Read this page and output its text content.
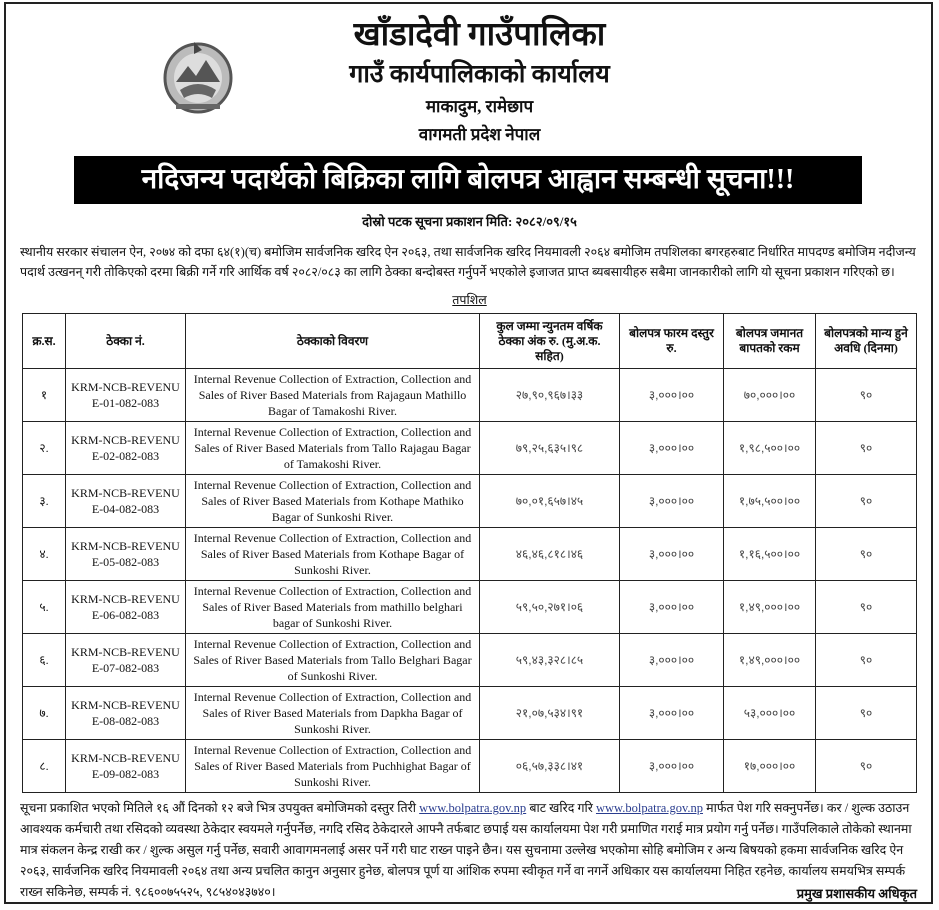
खाँडादेवी गाउँपालिका
गाउँ कार्यपालिकाको कार्यालय
माकादुम, रामेछाप
वागमती प्रदेश नेपाल
नदिजन्य पदार्थको बिक्रिका लागि बोलपत्र आह्वान सम्बन्धी सूचना!!!
दोस्रो पटक सूचना प्रकाशन मिति: २०८२/०९/१५
स्थानीय सरकार संचालन ऐन, २०७४ को दफा ६४(१)(च) बमोजिम सार्वजनिक खरिद ऐन २०६३, तथा सार्वजनिक खरिद नियमावली २०६४ बमोजिम तपशिलका बगरहरुबाट निर्धारित मापदण्ड बमोजिम नदीजन्य पदार्थ उत्खनन् गरी तोकिएको दरमा बिक्री गर्ने गरि आर्थिक वर्ष २०८२/०८३ का लागि ठेक्का बन्दोबस्त गर्नुपर्ने भएकोले इजाजत प्राप्त ब्यबसायीहरु सबैमा जानकारीको लागि यो सूचना प्रकाशन गरिएको छ।
तपशिल
क्र.स.	ठेक्का नं.	ठेक्काको विवरण	कुल जम्मा न्युनतम वर्षिक ठेक्का अंक रु. (मु.अ.क. सहित)	बोलपत्र फारम दस्तुर रु.	बोलपत्र जमानत बापतको रकम	बोलपत्रको मान्य हुने अवधि (दिनमा)
१	KRM-NCB-REVENUE-01-082-083	Internal Revenue Collection of Extraction, Collection and Sales of River Based Materials from Rajagaun Mathillo Bagar of Tamakoshi River.	२७,९०,९६७।३३	३,०००।००	७०,०००।००	९०
२.	KRM-NCB-REVENUE-02-082-083	Internal Revenue Collection of Extraction, Collection and Sales of River Based Materials from Tallo Rajagau Bagar of Tamakoshi River.	७९,२५,६३५।९८	३,०००।००	१,९८,५००।००	९०
३.	KRM-NCB-REVENUE-04-082-083	Internal Revenue Collection of Extraction, Collection and Sales of River Based Materials from Kothape Mathiko Bagar of Sunkoshi River.	७०,०१,६५७।४५	३,०००।००	१,७५,५००।००	९०
४.	KRM-NCB-REVENUE-05-082-083	Internal Revenue Collection of Extraction, Collection and Sales of River Based Materials from Kothape Bagar of Sunkoshi River.	४६,४६,८१८।४६	३,०००।००	१,१६,५००।००	९०
५.	KRM-NCB-REVENUE-06-082-083	Internal Revenue Collection of Extraction, Collection and Sales of River Based Materials from mathillo belghari bagar of Sunkoshi River.	५९,५०,२७१।०६	३,०००।००	१,४९,०००।००	९०
६.	KRM-NCB-REVENUE-07-082-083	Internal Revenue Collection of Extraction, Collection and Sales of River Based Materials from Tallo Belghari Bagar of Sunkoshi River.	५९,४३,३२८।८५	३,०००।००	१,४९,०००।००	९०
७.	KRM-NCB-REVENUE-08-082-083	Internal Revenue Collection of Extraction, Collection and Sales of River Based Materials from Dapkha Bagar of Sunkoshi River.	२१,०७,५३४।९१	३,०००।००	५३,०००।००	९०
८.	KRM-NCB-REVENUE-09-082-083	Internal Revenue Collection of Extraction, Collection and Sales of River Based Materials from Puchhighat Bagar of Sunkoshi River.	०६,५७,३३८।४१	३,०००।००	१७,०००।००	९०
सूचना प्रकाशित भएको मितिले १६ औं दिनको १२ बजे भित्र उपयुक्त बमोजिमको दस्तुर तिरी www.bolpatra.gov.np बाट खरिद गरि www.bolpatra.gov.np मार्फत पेश गरि सक्नुपर्नेछ। कर / शुल्क उठाउन आवश्यक कर्मचारी तथा रसिदको व्यवस्था ठेकेदार स्वयमले गर्नुपर्नेछ, नगदि रसिद ठेकेदारले आफ्नै तर्फबाट छपाई यस कार्यालयमा पेश गरी प्रमाणित गराई मात्र प्रयोग गर्नु पर्नेछ। गाउँपलिकाले तोकेको स्थानमा मात्र संकलन केन्द्र राखी कर / शुल्क असुल गर्नु पर्नेछ, सवारी आवागमनलाई असर पर्ने गरी घाट राख्न पाइने छैन। यस सुचनामा उल्लेख भएकोमा सोहि बमोजिम र अन्य बिषयको हकमा सार्वजनिक खरिद ऐन २०६३, सार्वजनिक खरिद नियमावली २०६४ तथा अन्य प्रचलित कानुन अनुसार हुनेछ, बोलपत्र पूर्ण या आंशिक रुपमा स्वीकृत गर्ने वा नगर्ने अधिकार यस कार्यालयमा निहित रहनेछ, कार्यालय समयभित्र सम्पर्क राख्न सकिनेछ, सम्पर्क नं. ९८६००७५५२५, ९८५४०४३७४०।	प्रमुख प्रशासकीय अधिकृत
